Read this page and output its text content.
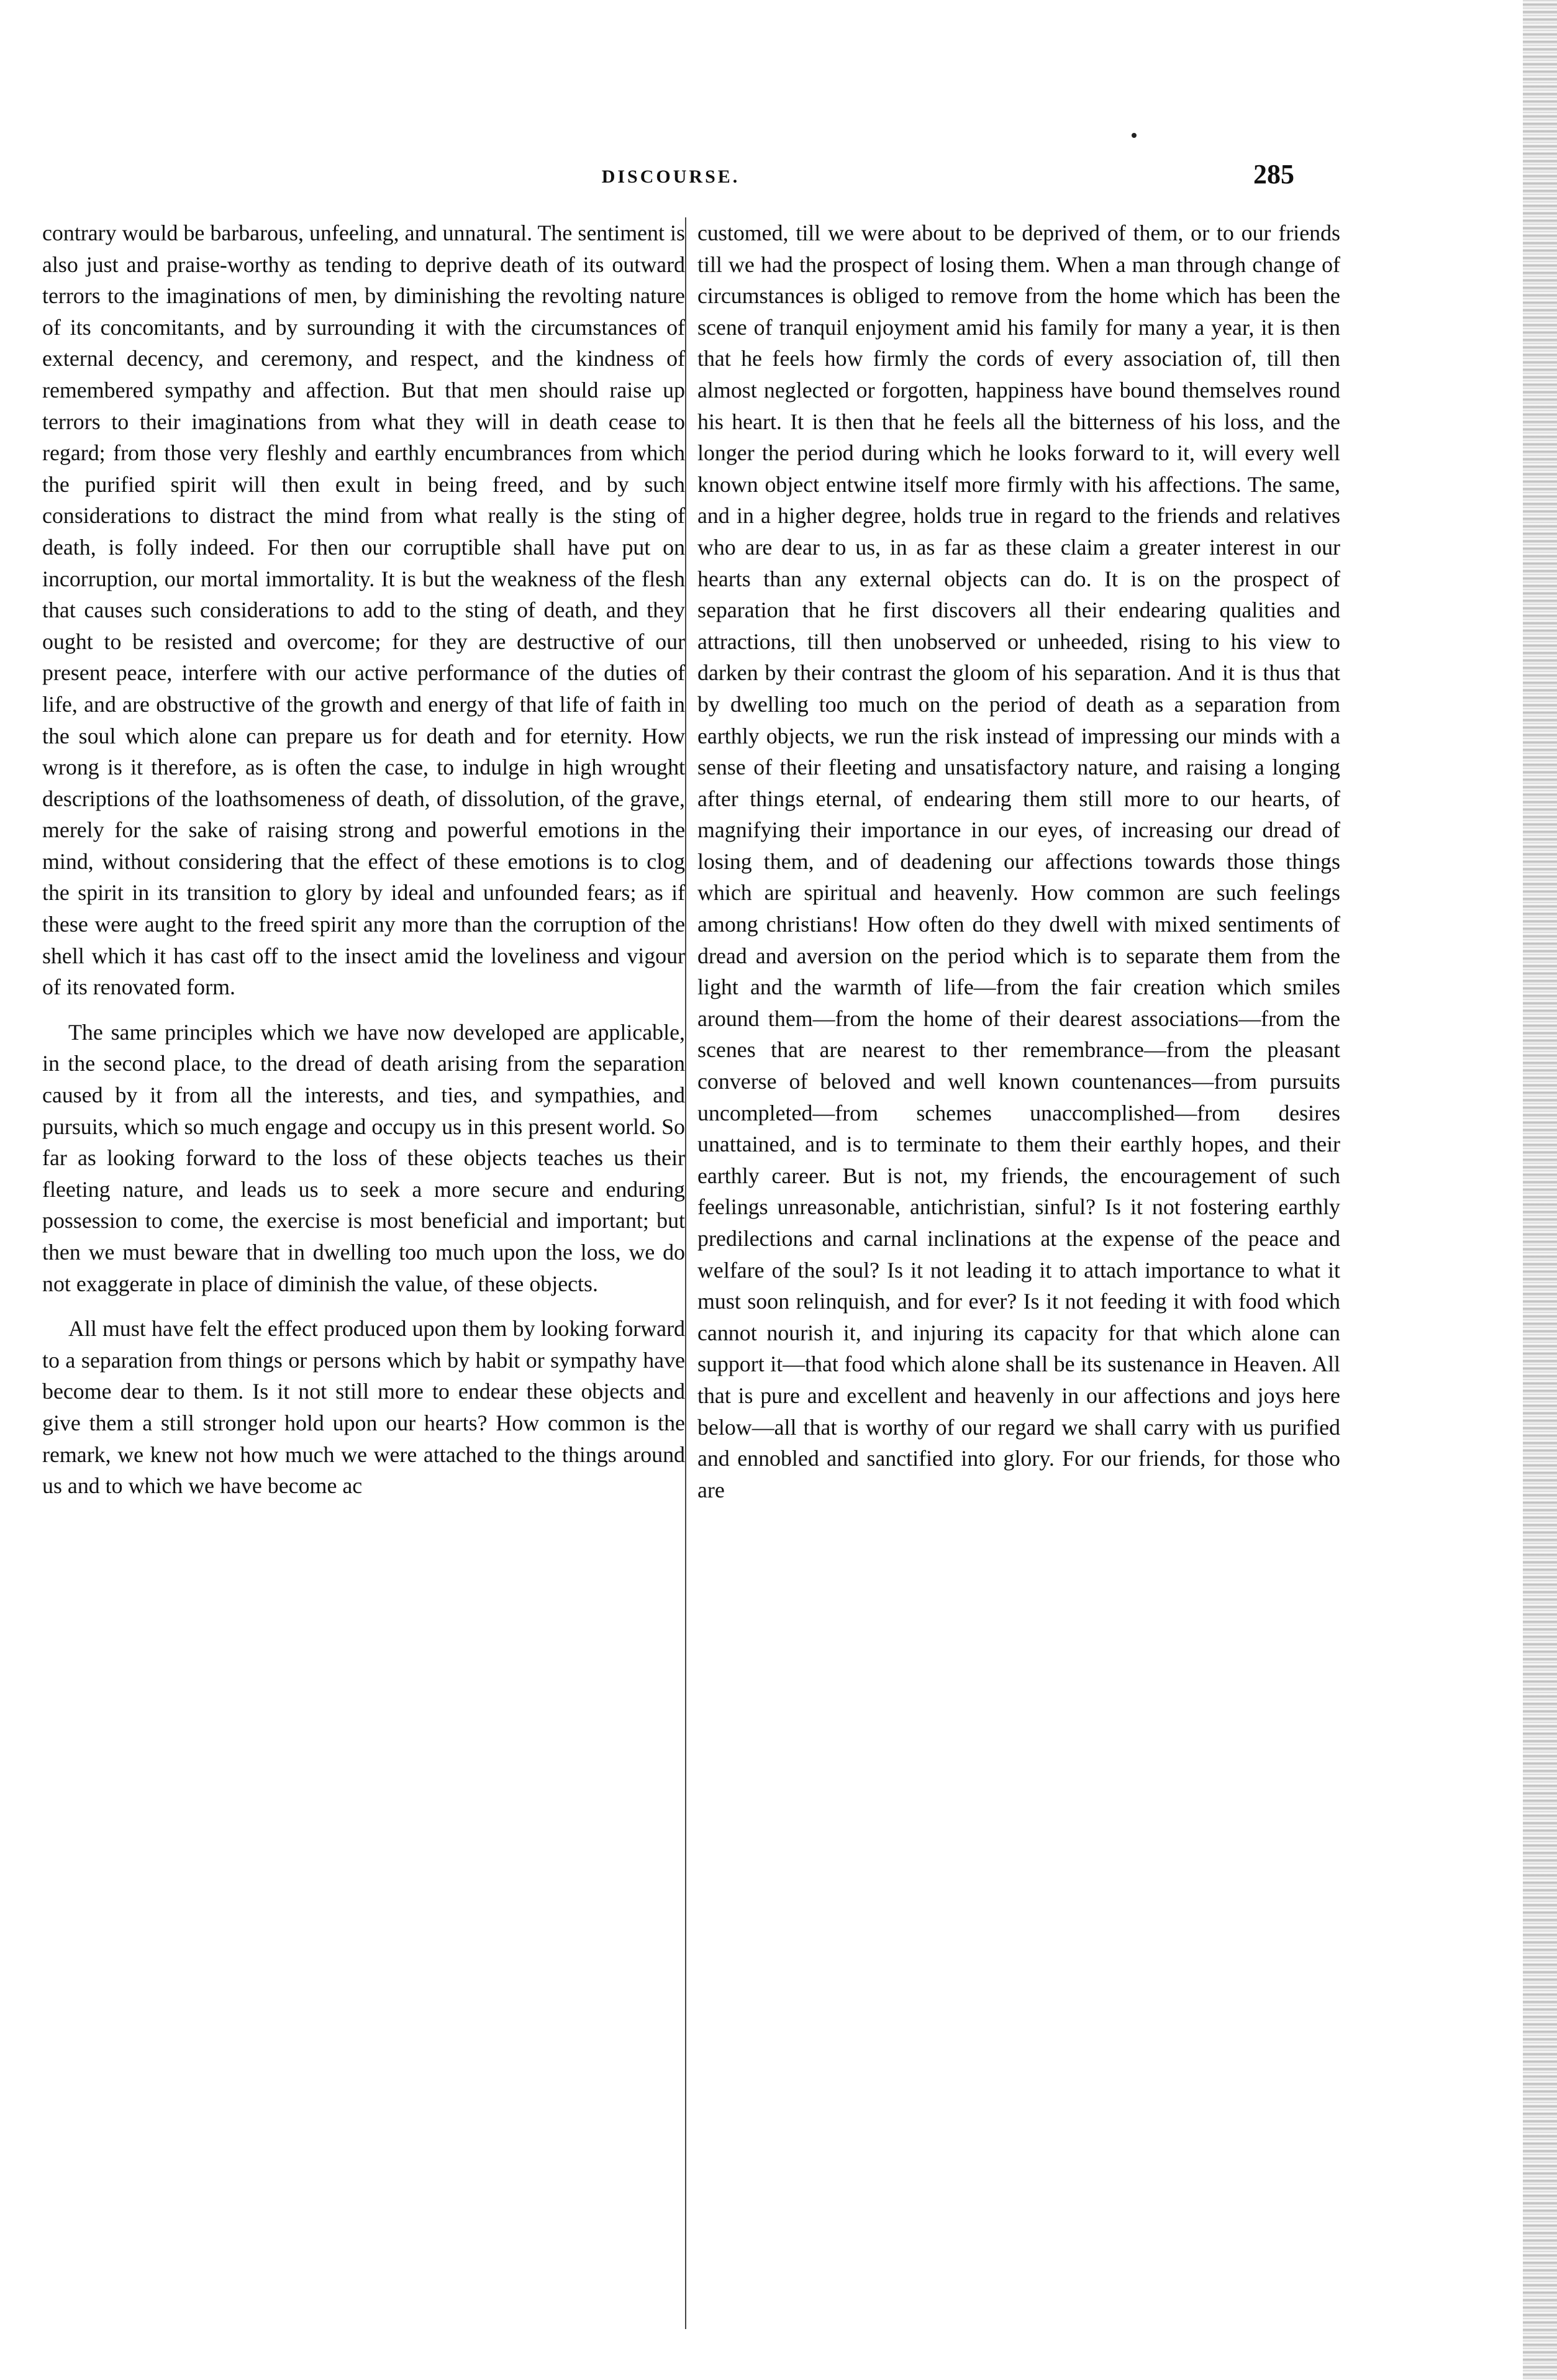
DISCOURSE.	285

contrary would be barbarous, unfeeling, and unnatural. The sentiment is also just and praise-worthy as tending to deprive death of its outward terrors to the imaginations of men, by diminishing the revolting nature of its concomitants, and by surrounding it with the circumstances of external decency, and ceremony, and respect, and the kindness of remembered sympathy and affection. But that men should raise up terrors to their imaginations from what they will in death cease to regard; from those very fleshly and earthly encumbrances from which the purified spirit will then exult in being freed, and by such considerations to distract the mind from what really is the sting of death, is folly indeed. For then our corruptible shall have put on incorruption, our mortal immortality. It is but the weakness of the flesh that causes such considerations to add to the sting of death, and they ought to be resisted and overcome; for they are destructive of our present peace, interfere with our active performance of the duties of life, and are obstructive of the growth and energy of that life of faith in the soul which alone can prepare us for death and for eternity. How wrong is it therefore, as is often the case, to indulge in high wrought descriptions of the loathsomeness of death, of dissolution, of the grave, merely for the sake of raising strong and powerful emotions in the mind, without considering that the effect of these emotions is to clog the spirit in its transition to glory by ideal and unfounded fears; as if these were aught to the freed spirit any more than the corruption of the shell which it has cast off to the insect amid the loveliness and vigour of its renovated form.

The same principles which we have now developed are applicable, in the second place, to the dread of death arising from the separation caused by it from all the interests, and ties, and sympathies, and pursuits, which so much engage and occupy us in this present world. So far as looking forward to the loss of these objects teaches us their fleeting nature, and leads us to seek a more secure and enduring possession to come, the exercise is most beneficial and important; but then we must beware that in dwelling too much upon the loss, we do not exaggerate in place of diminish the value, of these objects.

All must have felt the effect produced upon them by looking forward to a separation from things or persons which by habit or sympathy have become dear to them. Is it not still more to endear these objects and give them a still stronger hold upon our hearts? How common is the remark, we knew not how much we were attached to the things around us and to which we have become ac

customed, till we were about to be deprived of them, or to our friends till we had the prospect of losing them. When a man through change of circumstances is obliged to remove from the home which has been the scene of tranquil enjoyment amid his family for many a year, it is then that he feels how firmly the cords of every association of, till then almost neglected or forgotten, happiness have bound themselves round his heart. It is then that he feels all the bitterness of his loss, and the longer the period during which he looks forward to it, will every well known object entwine itself more firmly with his affections. The same, and in a higher degree, holds true in regard to the friends and relatives who are dear to us, in as far as these claim a greater interest in our hearts than any external objects can do. It is on the prospect of separation that he first discovers all their endearing qualities and attractions, till then unobserved or unheeded, rising to his view to darken by their contrast the gloom of his separation. And it is thus that by dwelling too much on the period of death as a separation from earthly objects, we run the risk instead of impressing our minds with a sense of their fleeting and unsatisfactory nature, and raising a longing after things eternal, of endearing them still more to our hearts, of magnifying their importance in our eyes, of increasing our dread of losing them, and of deadening our affections towards those things which are spiritual and heavenly. How common are such feelings among christians! How often do they dwell with mixed sentiments of dread and aversion on the period which is to separate them from the light and the warmth of life—from the fair creation which smiles around them—from the home of their dearest associations—from the scenes that are nearest to ther remembrance—from the pleasant converse of beloved and well known countenances—from pursuits uncompleted—from schemes unaccomplished—from desires unattained, and is to terminate to them their earthly hopes, and their earthly career. But is not, my friends, the encouragement of such feelings unreasonable, antichristian, sinful? Is it not fostering earthly predilections and carnal inclinations at the expense of the peace and welfare of the soul? Is it not leading it to attach importance to what it must soon relinquish, and for ever? Is it not feeding it with food which cannot nourish it, and injuring its capacity for that which alone can support it—that food which alone shall be its sustenance in Heaven. All that is pure and excellent and heavenly in our affections and joys here below—all that is worthy of our regard we shall carry with us purified and ennobled and sanctified into glory. For our friends, for those who are
